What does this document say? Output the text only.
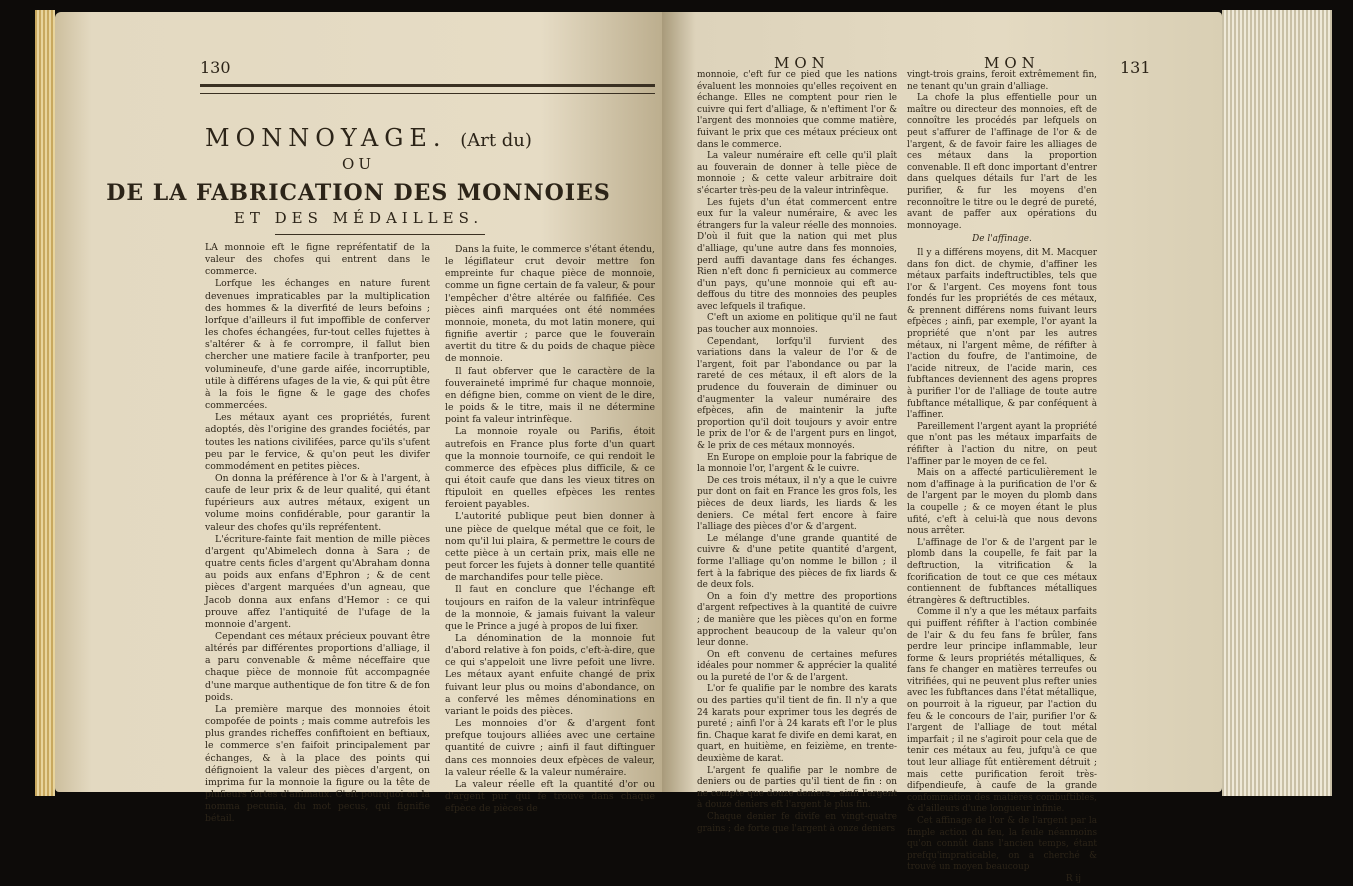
130
MONNOYAGE. (Art du)
OU
DE LA FABRICATION DES MONNOIES
ET DES MÉDAILLES.

LA monnoie eft le figne repréfentatif de la valeur des chofes qui entrent dans le commerce.

Lorfque les échanges en nature furent devenues impraticables par la multiplication des hommes & la diverfité de leurs befoins ; lorfque d'ailleurs il fut impoffible de conferver les chofes échangées, fur-tout celles fujettes à s'altérer & à fe corrompre, il fallut bien chercher une matiere facile à tranfporter, peu volumineufe, d'une garde aifée, incorruptible, utile à différens ufages de la vie, & qui pût être à la fois le figne & le gage des chofes commercées.

Les métaux ayant ces propriétés, furent adoptés, dès l'origine des grandes fociétés, par toutes les nations civilifées, parce qu'ils s'ufent peu par le fervice, & qu'on peut les divifer commodément en petites pièces.

On donna la préférence à l'or & à l'argent, à caufe de leur prix & de leur qualité, qui étant fupérieurs aux autres métaux, exigent un volume moins confidérable, pour garantir la valeur des chofes qu'ils repréfentent.

L'écriture-fainte fait mention de mille pièces d'argent qu'Abimelech donna à Sara ; de quatre cents ficles d'argent qu'Abraham donna au poids aux enfans d'Ephron ; & de cent pièces d'argent marquées d'un agneau, que Jacob donna aux enfans d'Hemor : ce qui prouve affez l'antiquité de l'ufage de la monnoie d'argent.

Cependant ces métaux précieux pouvant être altérés par différentes proportions d'alliage, il a paru convenable & même néceffaire que chaque pièce de monnoie fût accompagnée d'une marque authentique de fon titre & de fon poids.

La première marque des monnoies étoit compofée de points ; mais comme autrefois les plus grandes richeffes confiftoient en beftiaux, le commerce s'en faifoit principalement par échanges, & à la place des points qui défignoient la valeur des pièces d'argent, on imprima fur la monnoie la figure ou la tête de plufieurs fortes d'animaux. C'eft pourquoi on la nomma pecunia, du mot pecus, qui fignifie bétail.

Dans la fuite, le commerce s'étant étendu, le légiflateur crut devoir mettre fon empreinte fur chaque pièce de monnoie, comme un figne certain de fa valeur, & pour l'empêcher d'être altérée ou falfifiée. Ces pièces ainfi marquées ont été nommées monnoie, moneta, du mot latin monere, qui fignifie avertir ; parce que le fouverain avertit du titre & du poids de chaque pièce de monnoie.

Il faut obferver que le caractère de la fouveraineté imprimé fur chaque monnoie, en défigne bien, comme on vient de le dire, le poids & le titre, mais il ne détermine point fa valeur intrinfèque.

La monnoie royale ou Parifis, étoit autrefois en France plus forte d'un quart que la monnoie tournoife, ce qui rendoit le commerce des efpèces plus difficile, & ce qui étoit caufe que dans les vieux titres on ftipuloit en quelles efpèces les rentes feroient payables.

L'autorité publique peut bien donner à une pièce de quelque métal que ce foit, le nom qu'il lui plaira, & permettre le cours de cette pièce à un certain prix, mais elle ne peut forcer les fujets à donner telle quantité de marchandifes pour telle pièce.

Il faut en conclure que l'échange eft toujours en raifon de la valeur intrinfèque de la monnoie, & jamais fuivant la valeur que le Prince a jugé à propos de lui fixer.

La dénomination de la monnoie fut d'abord relative à fon poids, c'eft-à-dire, que ce qui s'appeloit une livre pefoit une livre. Les métaux ayant enfuite changé de prix fuivant leur plus ou moins d'abondance, on a confervé les mêmes dénominations en variant le poids des pièces.

Les monnoies d'or & d'argent font prefque toujours alliées avec une certaine quantité de cuivre ; ainfi il faut diftinguer dans ces monnoies deux efpèces de valeur, la valeur réelle & la valeur numéraire.

La valeur réelle eft la quantité d'or ou d'argent pur qui fe trouve dans chaque efpèce de pièces de

MON	MON	131

monnoie, c'eft fur ce pied que les nations évaluent les monnoies qu'elles reçoivent en échange. Elles ne comptent pour rien le cuivre qui fert d'alliage, & n'eftiment l'or & l'argent des monnoies que comme matière, fuivant le prix que ces métaux précieux ont dans le commerce.

La valeur numéraire eft celle qu'il plaît au fouverain de donner à telle pièce de monnoie ; & cette valeur arbitraire doit s'écarter très-peu de la valeur intrinfèque.

Les fujets d'un état commercent entre eux fur la valeur numéraire, & avec les étrangers fur la valeur réelle des monnoies. D'où il fuit que la nation qui met plus d'alliage, qu'une autre dans fes monnoies, perd auffi davantage dans fes échanges. Rien n'eft donc fi pernicieux au commerce d'un pays, qu'une monnoie qui eft au-deffous du titre des monnoies des peuples avec lefquels il trafique.

C'eft un axiome en politique qu'il ne faut pas toucher aux monnoies.

Cependant, lorfqu'il furvient des variations dans la valeur de l'or & de l'argent, foit par l'abondance ou par la rareté de ces métaux, il eft alors de la prudence du fouverain de diminuer ou d'augmenter la valeur numéraire des efpèces, afin de maintenir la jufte proportion qu'il doit toujours y avoir entre le prix de l'or & de l'argent purs en lingot, & le prix de ces métaux monnoyés.

En Europe on emploie pour la fabrique de la monnoie l'or, l'argent & le cuivre.

De ces trois métaux, il n'y a que le cuivre pur dont on fait en France les gros fols, les pièces de deux liards, les liards & les deniers. Ce métal fert encore à faire l'alliage des pièces d'or & d'argent.

Le mélange d'une grande quantité de cuivre & d'une petite quantité d'argent, forme l'alliage qu'on nomme le billon ; il fert à la fabrique des pièces de fix liards & de deux fols.

On a foin d'y mettre des proportions d'argent refpectives à la quantité de cuivre ; de manière que les pièces qu'on en forme approchent beaucoup de la valeur qu'on leur donne.

On eft convenu de certaines mefures idéales pour nommer & apprécier la qualité ou la pureté de l'or & de l'argent.

L'or fe qualifie par le nombre des karats ou des parties qu'il tient de fin. Il n'y a que 24 karats pour exprimer tous les degrés de pureté ; ainfi l'or à 24 karats eft l'or le plus fin. Chaque karat fe divife en demi karat, en quart, en huitième, en feizième, en trente-deuxième de karat.

L'argent fe qualifie par le nombre de deniers ou de parties qu'il tient de fin : on ne compte que douze deniers ; ainfi l'argent à douze deniers eft l'argent le plus fin.

Chaque denier fe divife en vingt-quatre grains ; de forte que l'argent à onze deniers

vingt-trois grains, feroit extrêmement fin, ne tenant qu'un grain d'alliage.

La chofe la plus effentielle pour un maître ou directeur des monnoies, eft de connoître les procédés par lefquels on peut s'affurer de l'affinage de l'or & de l'argent, & de favoir faire les alliages de ces métaux dans la proportion convenable. Il eft donc important d'entrer dans quelques détails fur l'art de les purifier, & fur les moyens d'en reconnoître le titre ou le degré de pureté, avant de paffer aux opérations du monnoyage.

De l'affinage.

Il y a différens moyens, dit M. Macquer dans fon dict. de chymie, d'affiner les métaux parfaits indeftructibles, tels que l'or & l'argent. Ces moyens font tous fondés fur les propriétés de ces métaux, & prennent différens noms fuivant leurs efpèces ; ainfi, par exemple, l'or ayant la propriété que n'ont par les autres métaux, ni l'argent même, de réfifter à l'action du foufre, de l'antimoine, de l'acide nitreux, de l'acide marin, ces fubftances deviennent des agens propres à purifier l'or de l'alliage de toute autre fubftance métallique, & par conféquent à l'affiner.

Pareillement l'argent ayant la propriété que n'ont pas les métaux imparfaits de réfifter à l'action du nitre, on peut l'affiner par le moyen de ce fel.

Mais on a affecté particulièrement le nom d'affinage à la purification de l'or & de l'argent par le moyen du plomb dans la coupelle ; & ce moyen étant le plus ufité, c'eft à celui-là que nous devons nous arrêter.

L'affinage de l'or & de l'argent par le plomb dans la coupelle, fe fait par la deftruction, la vitrification & la fcorification de tout ce que ces métaux contiennent de fubftances métalliques étrangères & deftructibles.

Comme il n'y a que les métaux parfaits qui puiffent réfifter à l'action combinée de l'air & du feu fans fe brûler, fans perdre leur principe inflammable, leur forme & leurs propriétés métalliques, & fans fe changer en matières terreufes ou vitrifiées, qui ne peuvent plus refter unies avec les fubftances dans l'état métallique, on pourroit à la rigueur, par l'action du feu & le concours de l'air, purifier l'or & l'argent de l'alliage de tout métal imparfait ; il ne s'agiroit pour cela que de tenir ces métaux au feu, jufqu'à ce que tout leur alliage fût entièrement détruit ; mais cette purification feroit très-difpendieufe, à caufe de la grande confommation des matières combuftibles, & d'ailleurs d'une longueur infinie.

Cet affinage de l'or & de l'argent par la fimple action du feu, la feule néanmoins qu'on connût dans l'ancien temps, étant prefqu'impraticable, on a cherché & trouvé un moyen beaucoup

R ij
